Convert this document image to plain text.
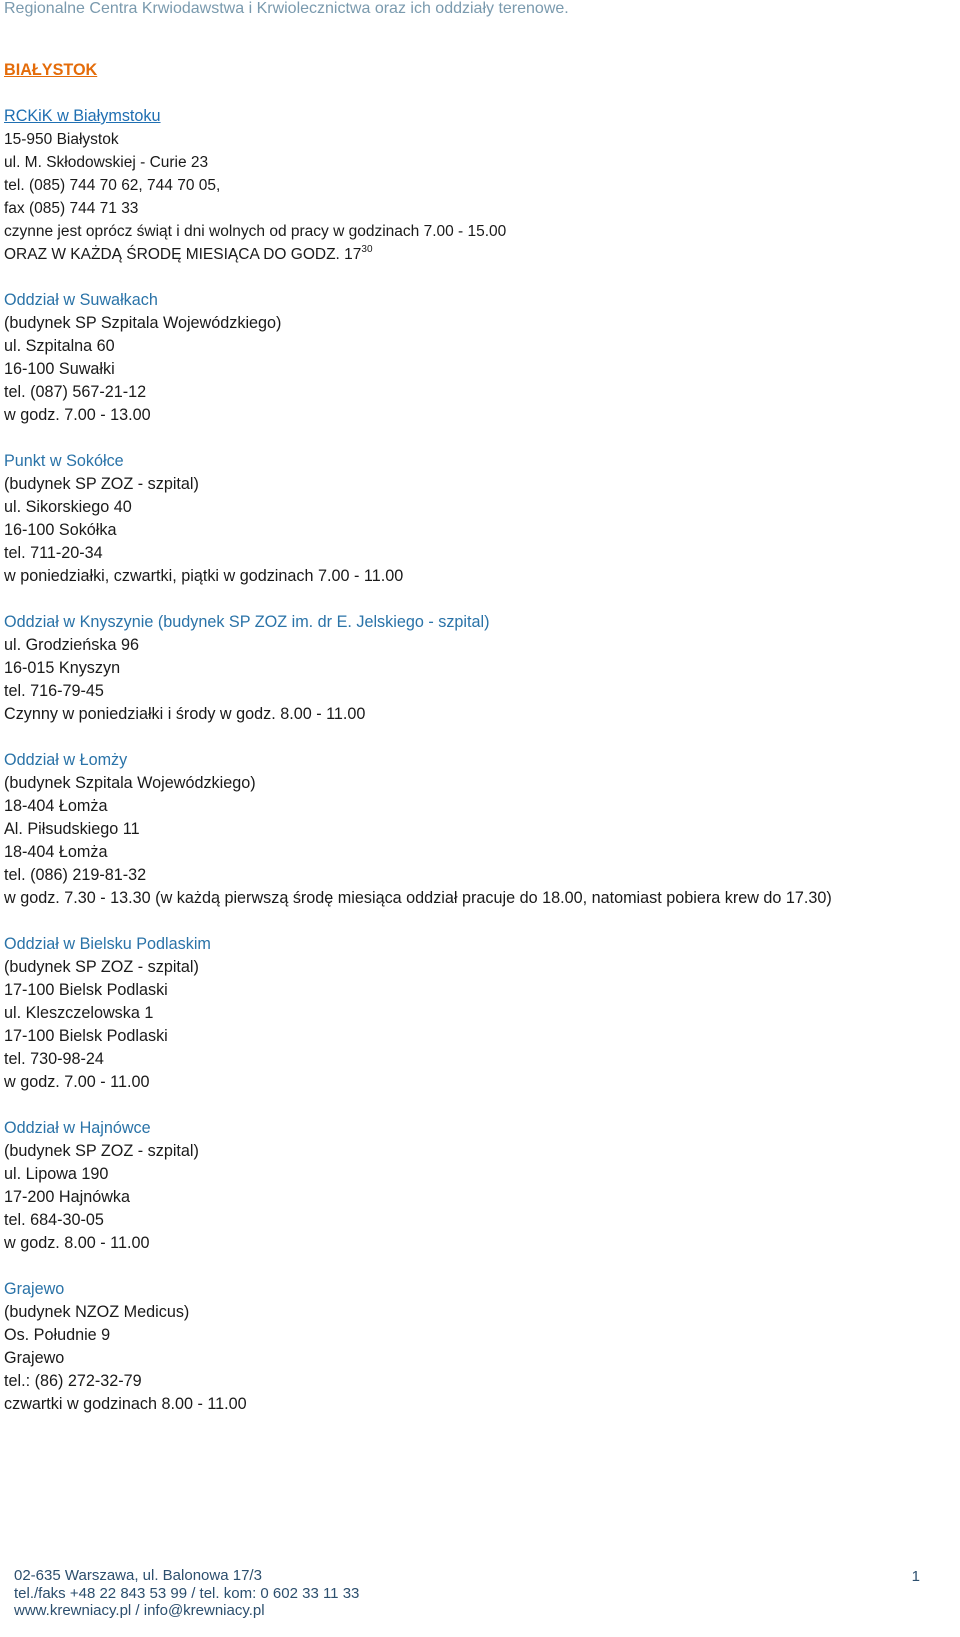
Regionalne Centra Krwiodawstwa i Krwiolecznictwa oraz ich oddziały terenowe.
BIAŁYSTOK
RCKiK w Białymstoku
15-950 Białystok
ul. M. Skłodowskiej - Curie 23
tel. (085) 744 70 62, 744 70 05,
fax (085) 744 71 33
czynne jest oprócz świąt i dni wolnych od pracy w godzinach 7.00 - 15.00
ORAZ W KAŻDĄ ŚRODĘ MIESIĄCA DO GODZ. $17^{30}$
Oddział w Suwałkach
(budynek SP Szpitala Wojewódzkiego)
ul. Szpitalna 60
16-100 Suwałki
tel. (087) 567-21-12
w godz. 7.00 - 13.00
Punkt w Sokółce
(budynek SP ZOZ - szpital)
ul. Sikorskiego 40
16-100 Sokółka
tel. 711-20-34
w poniedziałki, czwartki, piątki w godzinach 7.00 - 11.00
Oddział w Knyszynie (budynek SP ZOZ im. dr E. Jelskiego - szpital)
ul. Grodzieńska 96
16-015 Knyszyn
tel. 716-79-45
Czynny w poniedziałki i środy w godz. 8.00 - 11.00
Oddział w Łomży
(budynek Szpitala Wojewódzkiego)
18-404 Łomża
Al. Piłsudskiego 11
18-404 Łomża
tel. (086) 219-81-32
w godz. 7.30 - 13.30 (w każdą pierwszą środę miesiąca oddział pracuje do 18.00, natomiast pobiera krew do 17.30)
Oddział w Bielsku Podlaskim
(budynek SP ZOZ - szpital)
17-100 Bielsk Podlaski
ul. Kleszczelowska 1
17-100 Bielsk Podlaski
tel. 730-98-24
w godz. 7.00 - 11.00
Oddział w Hajnówce
(budynek SP ZOZ - szpital)
ul. Lipowa 190
17-200 Hajnówka
tel. 684-30-05
w godz. 8.00 - 11.00
Grajewo
(budynek NZOZ Medicus)
Os. Południe 9
Grajewo
tel.: (86) 272-32-79
czwartki w godzinach 8.00 - 11.00
02-635 Warszawa, ul. Balonowa 17/3
tel./faks +48 22 843 53 99 / tel. kom: 0 602 33 11 33
www.krewniacy.pl / info@krewniacy.pl
1
